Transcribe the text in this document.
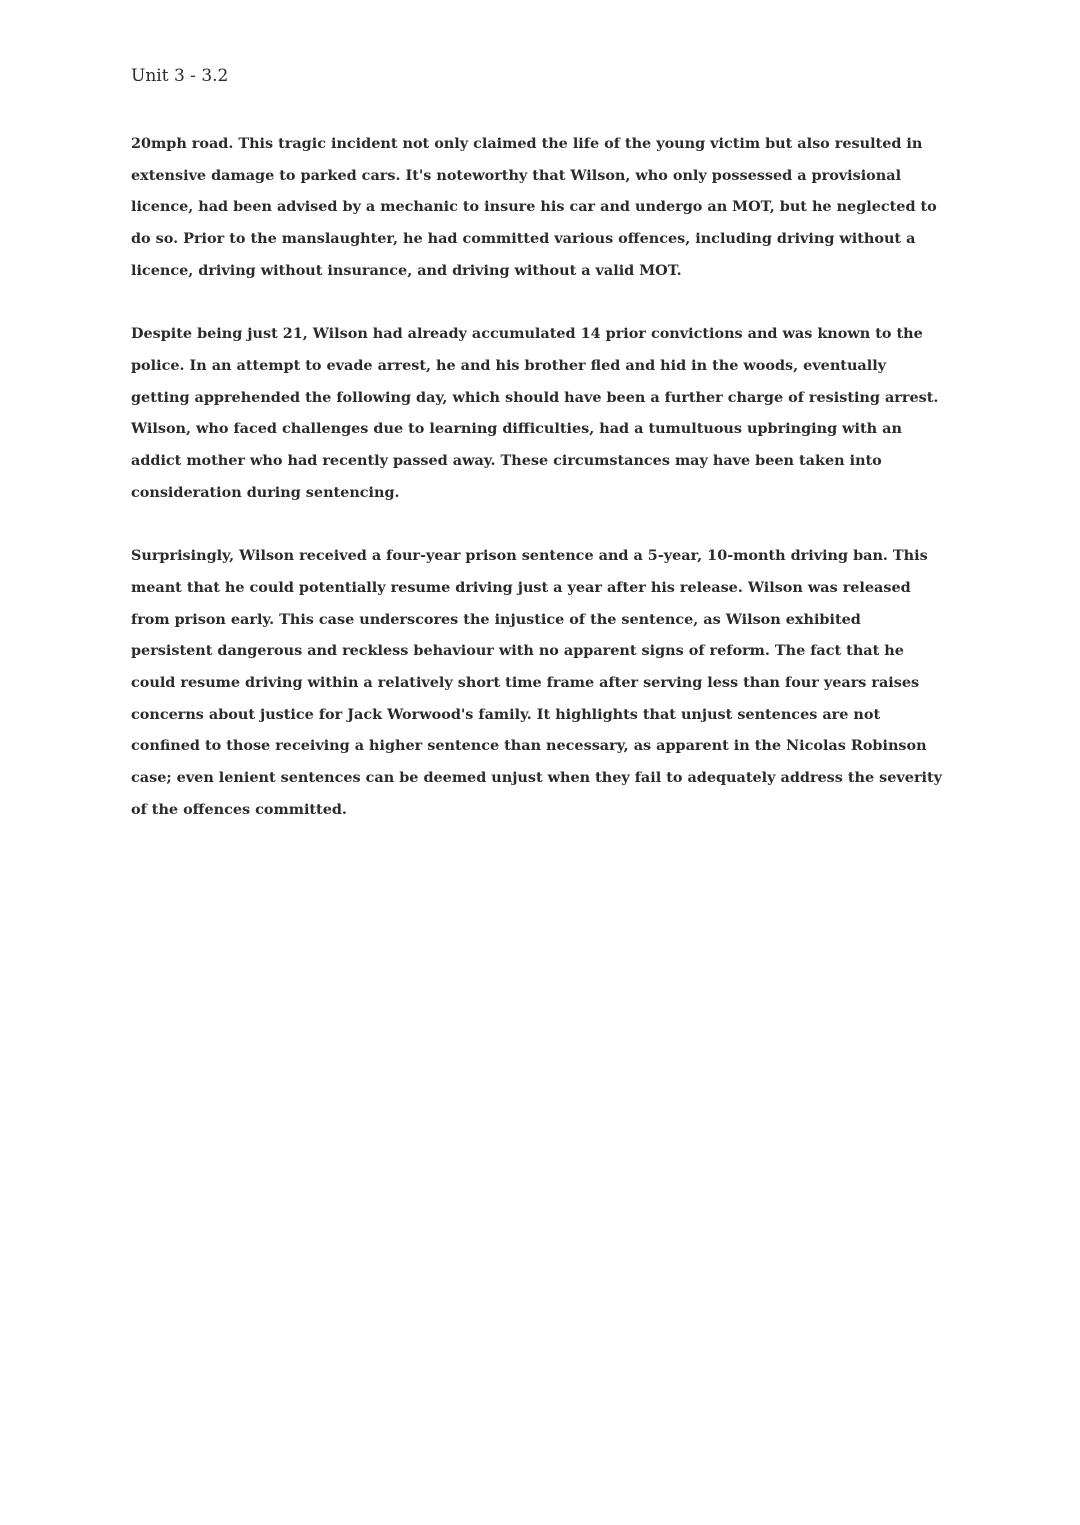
Unit 3 - 3.2

20mph road. This tragic incident not only claimed the life of the young victim but also resulted in
extensive damage to parked cars. It's noteworthy that Wilson, who only possessed a provisional
licence, had been advised by a mechanic to insure his car and undergo an MOT, but he neglected to
do so. Prior to the manslaughter, he had committed various offences, including driving without a
licence, driving without insurance, and driving without a valid MOT.

Despite being just 21, Wilson had already accumulated 14 prior convictions and was known to the
police. In an attempt to evade arrest, he and his brother fled and hid in the woods, eventually
getting apprehended the following day, which should have been a further charge of resisting arrest.
Wilson, who faced challenges due to learning difficulties, had a tumultuous upbringing with an
addict mother who had recently passed away. These circumstances may have been taken into
consideration during sentencing.

Surprisingly, Wilson received a four-year prison sentence and a 5-year, 10-month driving ban. This
meant that he could potentially resume driving just a year after his release. Wilson was released
from prison early. This case underscores the injustice of the sentence, as Wilson exhibited
persistent dangerous and reckless behaviour with no apparent signs of reform. The fact that he
could resume driving within a relatively short time frame after serving less than four years raises
concerns about justice for Jack Worwood's family. It highlights that unjust sentences are not
confined to those receiving a higher sentence than necessary, as apparent in the Nicolas Robinson
case; even lenient sentences can be deemed unjust when they fail to adequately address the severity
of the offences committed.
